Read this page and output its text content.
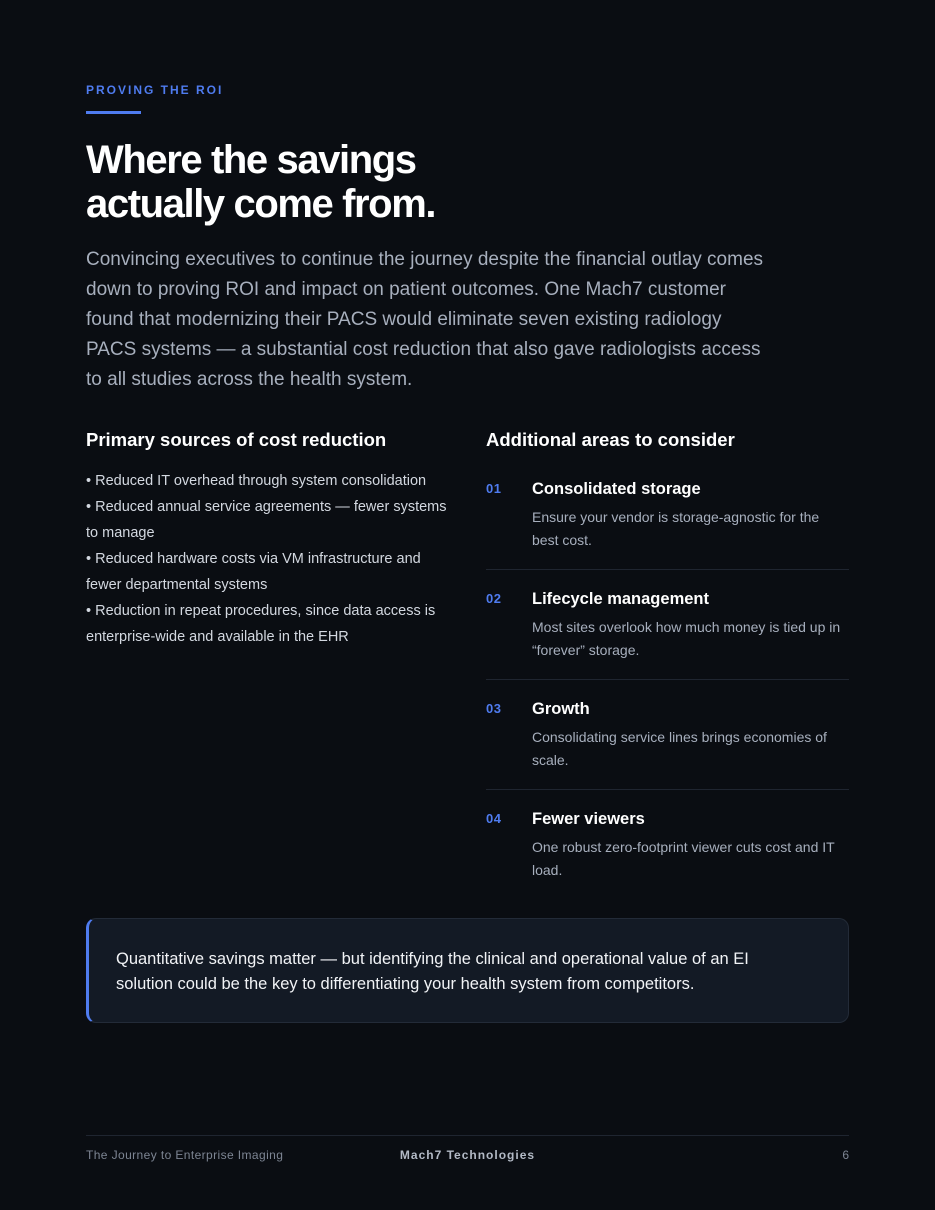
PROVING THE ROI
Where the savings
actually come from.

Convincing executives to continue the journey despite the financial outlay comes down to proving ROI and impact on patient outcomes. One Mach7 customer found that modernizing their PACS would eliminate seven existing radiology PACS systems — a substantial cost reduction that also gave radiologists access to all studies across the health system.

Primary sources of cost reduction
• Reduced IT overhead through system consolidation
• Reduced annual service agreements — fewer systems to manage
• Reduced hardware costs via VM infrastructure and fewer departmental systems
• Reduction in repeat procedures, since data access is enterprise-wide and available in the EHR
Additional areas to consider
01	Consolidated storage
Ensure your vendor is storage-agnostic for the best cost.
02	Lifecycle management
Most sites overlook how much money is tied up in “forever” storage.
03	Growth
Consolidating service lines brings economies of scale.
04	Fewer viewers
One robust zero-footprint viewer cuts cost and IT load.
Quantitative savings matter — but identifying the clinical and operational value of an EI solution could be the key to differentiating your health system from competitors.
The Journey to Enterprise Imaging	Mach7 Technologies	6
